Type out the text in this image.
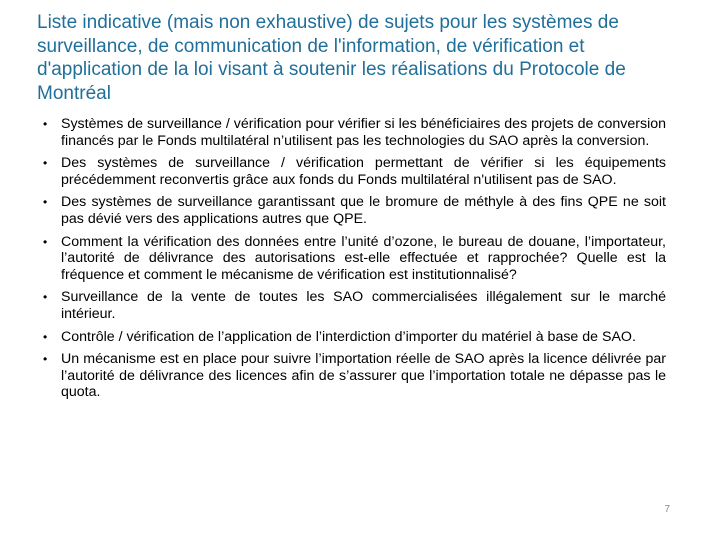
Liste indicative (mais non exhaustive) de sujets pour les systèmes de surveillance, de communication de l'information, de vérification et d'application de la loi visant à soutenir les réalisations du Protocole de Montréal
• Systèmes de surveillance / vérification pour vérifier si les bénéficiaires des projets de conversion financés par le Fonds multilatéral n’utilisent pas les technologies du SAO après la conversion.
• Des systèmes de surveillance / vérification permettant de vérifier si les équipements précédemment reconvertis grâce aux fonds du Fonds multilatéral n'utilisent pas de SAO.
• Des systèmes de surveillance garantissant que le bromure de méthyle à des fins QPE ne soit pas dévié vers des applications autres que QPE.
• Comment la vérification des données entre l’unité d’ozone, le bureau de douane, l’importateur, l’autorité de délivrance des autorisations est-elle effectuée et rapprochée? Quelle est la fréquence et comment le mécanisme de vérification est institutionnalisé?
• Surveillance de la vente de toutes les SAO commercialisées illégalement sur le marché intérieur.
• Contrôle / vérification de l’application de l’interdiction d’importer du matériel à base de SAO.
• Un mécanisme est en place pour suivre l’importation réelle de SAO après la licence délivrée par l’autorité de délivrance des licences afin de s’assurer que l’importation totale ne dépasse pas le quota.
7
